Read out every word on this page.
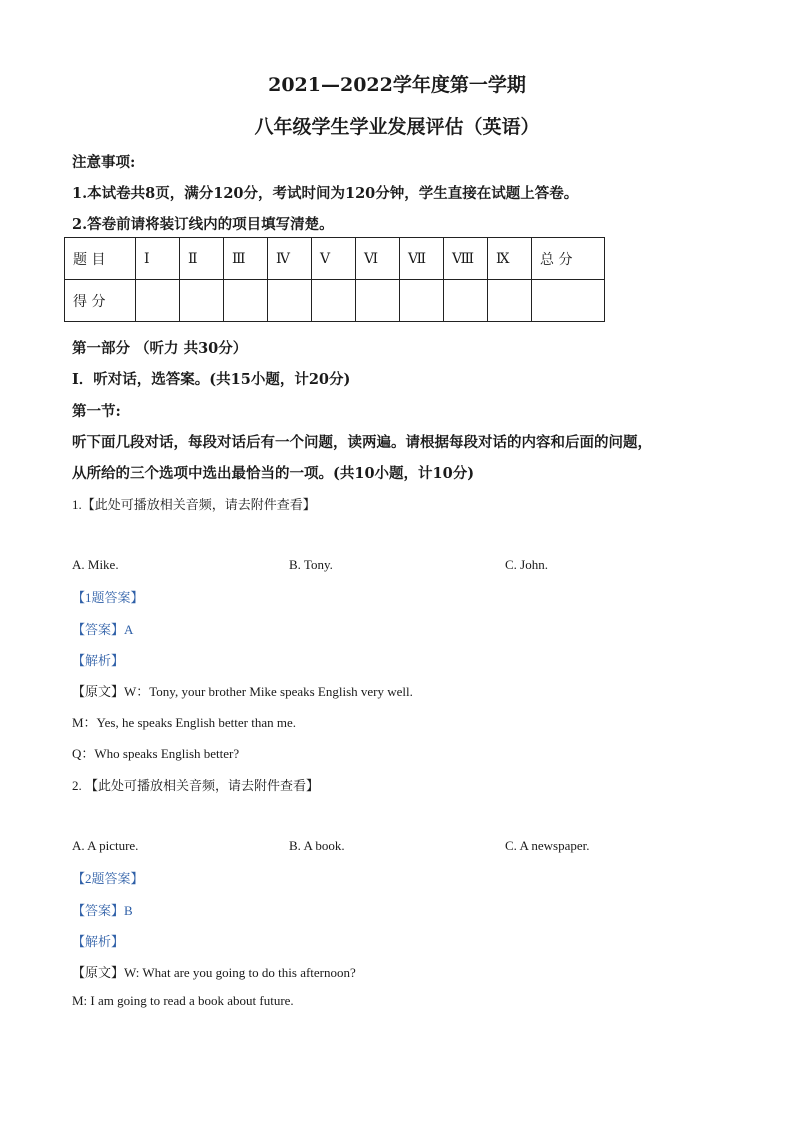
2021—2022学年度第一学期
八年级学生学业发展评估（英语）
注意事项:
1.本试卷共8页，满分120分，考试时间为120分钟，学生直接在试题上答卷。
2.答卷前请将装订线内的项目填写清楚。
题 目	Ⅰ	Ⅱ	Ⅲ	Ⅳ	Ⅴ	Ⅵ	Ⅶ	Ⅷ	Ⅸ	总 分
得 分										
第一部分 （听力 共30分）
I．听对话，选答案。(共15小题，计20分)
第一节:
听下面几段对话，每段对话后有一个问题，读两遍。请根据每段对话的内容和后面的问题，
从所给的三个选项中选出最恰当的一项。(共10小题，计10分)
1.【此处可播放相关音频，请去附件查看】
A. Mike.	B. Tony.	C. John.
【1题答案】
【答案】A
【解析】
【原文】W：Tony, your brother Mike speaks English very well.
M：Yes, he speaks English better than me.
Q：Who speaks English better?
2. 【此处可播放相关音频，请去附件查看】
A. A picture.	B. A book.	C. A newspaper.
【2题答案】
【答案】B
【解析】
【原文】W: What are you going to do this afternoon?
M: I am going to read a book about future.
